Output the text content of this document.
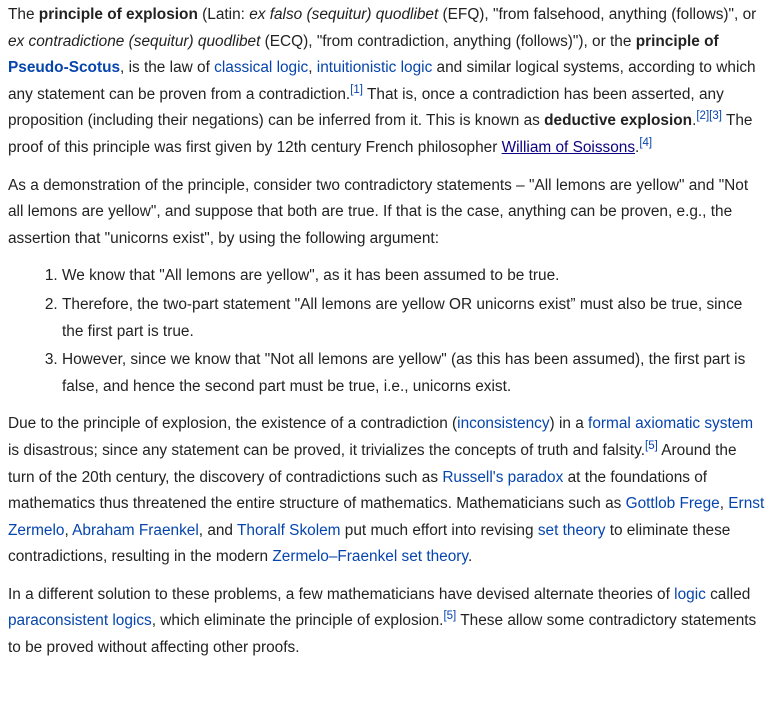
The principle of explosion (Latin: ex falso (sequitur) quodlibet (EFQ), "from falsehood, anything (follows)", or ex contradictione (sequitur) quodlibet (ECQ), "from contradiction, anything (follows)"), or the principle of Pseudo-Scotus, is the law of classical logic, intuitionistic logic and similar logical systems, according to which any statement can be proven from a contradiction.[1] That is, once a contradiction has been asserted, any proposition (including their negations) can be inferred from it. This is known as deductive explosion.[2][3] The proof of this principle was first given by 12th century French philosopher William of Soissons.[4]

As a demonstration of the principle, consider two contradictory statements – "All lemons are yellow" and "Not all lemons are yellow", and suppose that both are true. If that is the case, anything can be proven, e.g., the assertion that "unicorns exist", by using the following argument:

1. We know that "All lemons are yellow", as it has been assumed to be true.
2. Therefore, the two-part statement "All lemons are yellow OR unicorns exist” must also be true, since the first part is true.
3. However, since we know that "Not all lemons are yellow" (as this has been assumed), the first part is false, and hence the second part must be true, i.e., unicorns exist.

Due to the principle of explosion, the existence of a contradiction (inconsistency) in a formal axiomatic system is disastrous; since any statement can be proved, it trivializes the concepts of truth and falsity.[5] Around the turn of the 20th century, the discovery of contradictions such as Russell's paradox at the foundations of mathematics thus threatened the entire structure of mathematics. Mathematicians such as Gottlob Frege, Ernst Zermelo, Abraham Fraenkel, and Thoralf Skolem put much effort into revising set theory to eliminate these contradictions, resulting in the modern Zermelo–Fraenkel set theory.

In a different solution to these problems, a few mathematicians have devised alternate theories of logic called paraconsistent logics, which eliminate the principle of explosion.[5] These allow some contradictory statements to be proved without affecting other proofs.
